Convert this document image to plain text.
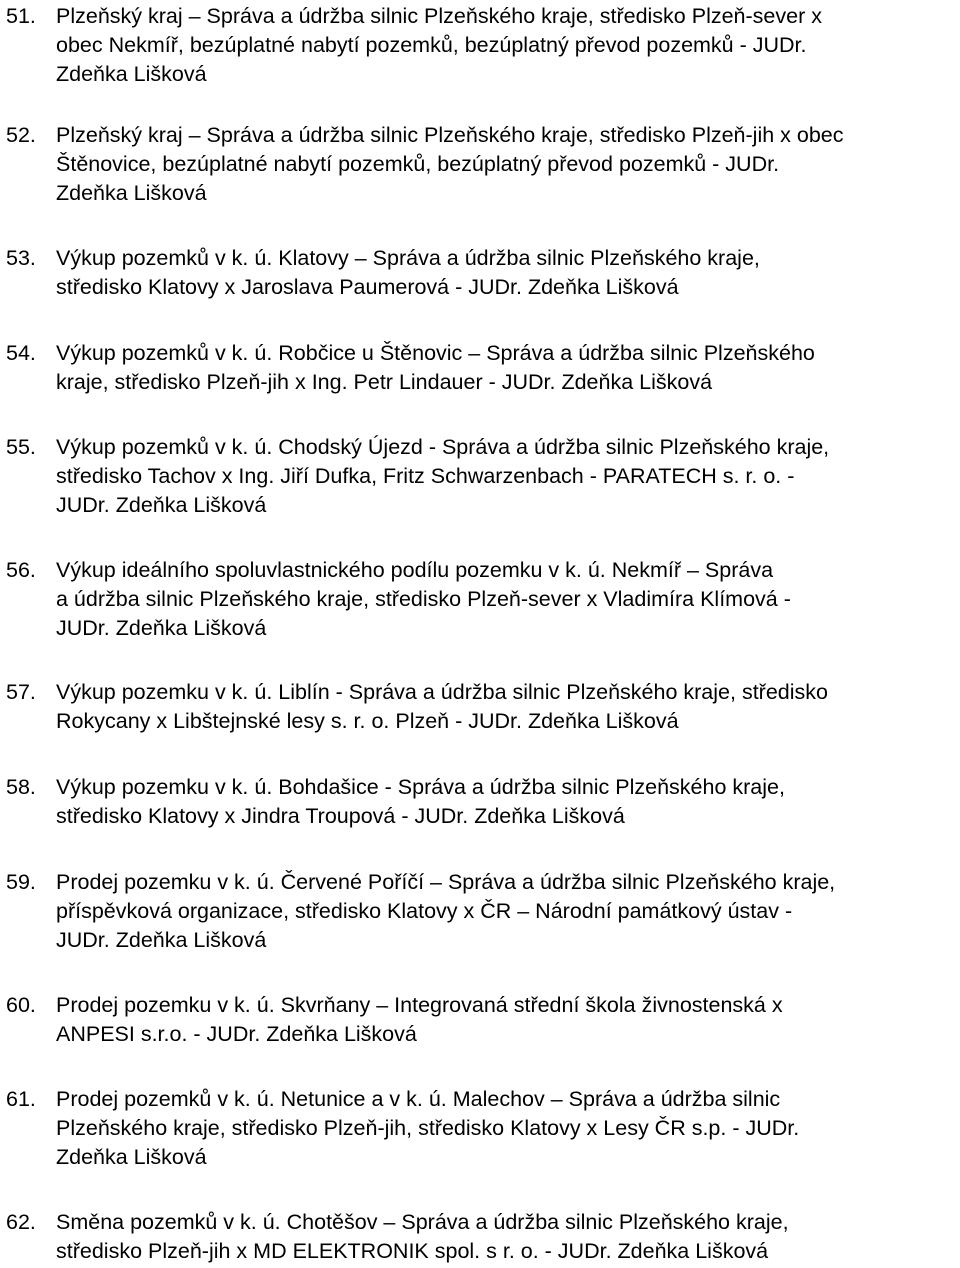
51. Plzeňský kraj – Správa a údržba silnic Plzeňského kraje, středisko Plzeň-sever x
obec Nekmíř, bezúplatné nabytí pozemků, bezúplatný převod pozemků - JUDr.
Zdeňka Lišková
52. Plzeňský kraj – Správa a údržba silnic Plzeňského kraje, středisko Plzeň-jih x obec
Štěnovice, bezúplatné nabytí pozemků, bezúplatný převod pozemků - JUDr.
Zdeňka Lišková
53. Výkup pozemků v k. ú. Klatovy – Správa a údržba silnic Plzeňského kraje,
středisko Klatovy x Jaroslava Paumerová - JUDr. Zdeňka Lišková
54. Výkup pozemků v k. ú. Robčice u Štěnovic – Správa a údržba silnic Plzeňského
kraje, středisko Plzeň-jih x Ing. Petr Lindauer - JUDr. Zdeňka Lišková
55. Výkup pozemků v k. ú. Chodský Újezd - Správa a údržba silnic Plzeňského kraje,
středisko Tachov x Ing. Jiří Dufka, Fritz Schwarzenbach - PARATECH s. r. o. -
JUDr. Zdeňka Lišková
56. Výkup ideálního spoluvlastnického podílu pozemku v k. ú. Nekmíř – Správa
a údržba silnic Plzeňského kraje, středisko Plzeň-sever x Vladimíra Klímová -
JUDr. Zdeňka Lišková
57. Výkup pozemku v k. ú. Liblín - Správa a údržba silnic Plzeňského kraje, středisko
Rokycany x Libštejnské lesy s. r. o. Plzeň - JUDr. Zdeňka Lišková
58. Výkup pozemku v k. ú. Bohdašice - Správa a údržba silnic Plzeňského kraje,
středisko Klatovy x Jindra Troupová - JUDr. Zdeňka Lišková
59. Prodej pozemku v k. ú. Červené Poříčí – Správa a údržba silnic Plzeňského kraje,
příspěvková organizace, středisko Klatovy x ČR – Národní památkový ústav -
JUDr. Zdeňka Lišková
60. Prodej pozemku v k. ú. Skvrňany – Integrovaná střední škola živnostenská x
ANPESI s.r.o. - JUDr. Zdeňka Lišková
61. Prodej pozemků v k. ú. Netunice a v k. ú. Malechov – Správa a údržba silnic
Plzeňského kraje, středisko Plzeň-jih, středisko Klatovy x Lesy ČR s.p. - JUDr.
Zdeňka Lišková
62. Směna pozemků v k. ú. Chotěšov – Správa a údržba silnic Plzeňského kraje,
středisko Plzeň-jih x MD ELEKTRONIK spol. s r. o. - JUDr. Zdeňka Lišková
